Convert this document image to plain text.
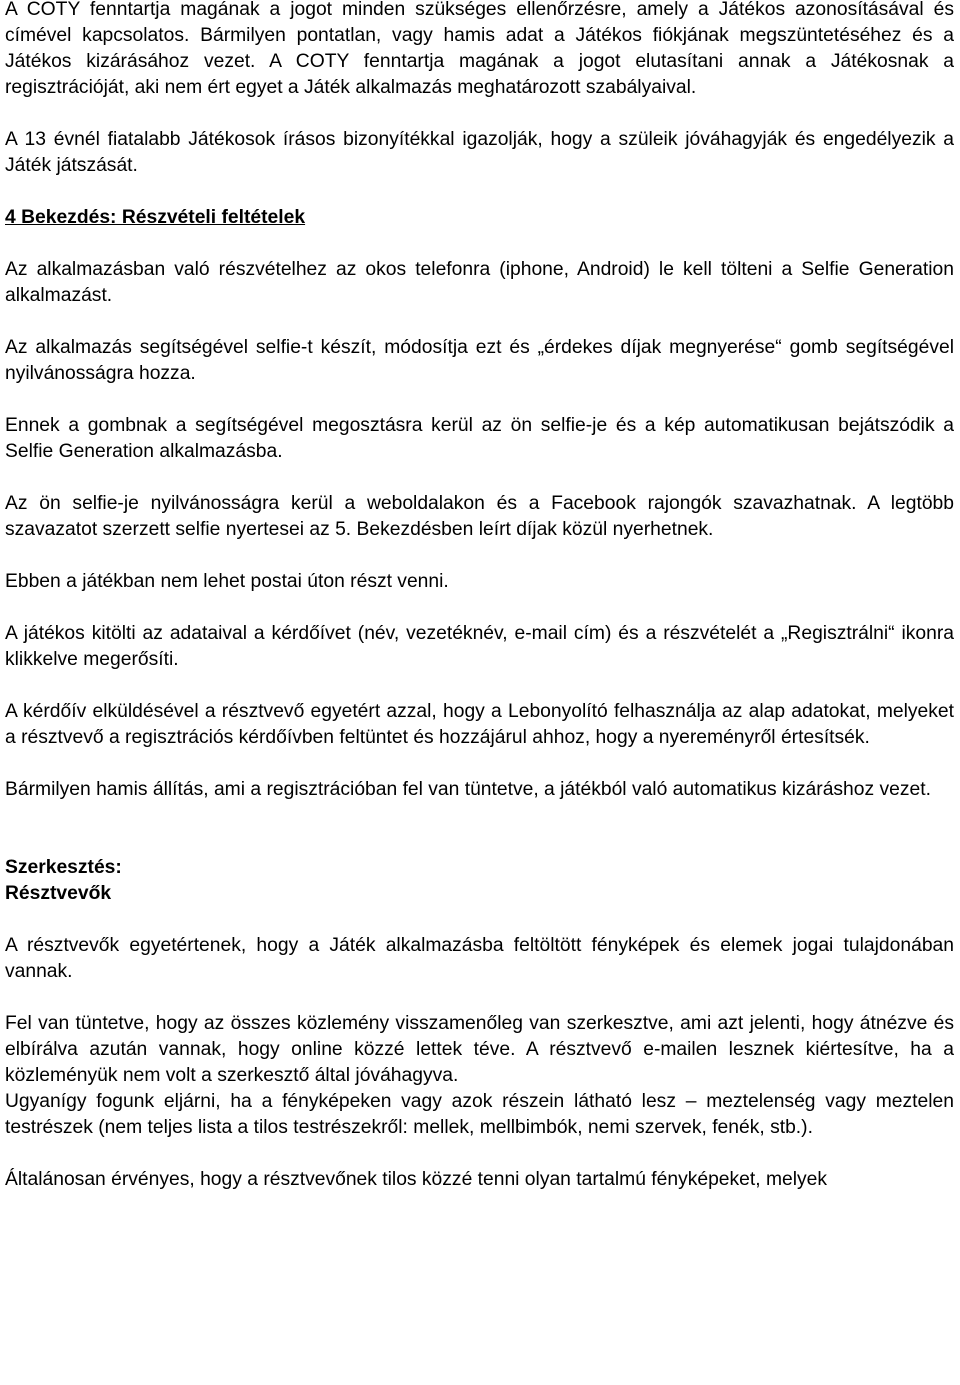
A COTY fenntartja magának a jogot minden szükséges ellenőrzésre, amely a Játékos azonosításával és címével kapcsolatos. Bármilyen pontatlan, vagy hamis adat a Játékos fiókjának megszüntetéséhez és a Játékos kizárásához vezet. A COTY fenntartja magának a jogot elutasítani annak a Játékosnak a regisztrációját, aki nem ért egyet a Játék alkalmazás meghatározott szabályaival.

A 13 évnél fiatalabb Játékosok írásos bizonyítékkal igazolják, hogy a szüleik jóváhagyják és engedélyezik a Játék játszását.

4 Bekezdés: Részvételi feltételek

Az alkalmazásban való részvételhez az okos telefonra (iphone, Android) le kell tölteni a Selfie Generation alkalmazást.

Az alkalmazás segítségével selfie-t készít, módosítja ezt és „érdekes díjak megnyerése“ gomb segítségével nyilvánosságra hozza.

Ennek a gombnak a segítségével megosztásra kerül az ön selfie-je és a kép automatikusan bejátszódik a Selfie Generation alkalmazásba.

Az ön selfie-je nyilvánosságra kerül a weboldalakon és a Facebook rajongók szavazhatnak. A legtöbb szavazatot szerzett selfie nyertesei az 5. Bekezdésben leírt díjak közül nyerhetnek.

Ebben a játékban nem lehet postai úton részt venni.

A játékos kitölti az adataival a kérdőívet (név, vezetéknév, e-mail cím) és a részvételét a „Regisztrálni“ ikonra klikkelve megerősíti.

A kérdőív elküldésével a résztvevő egyetért azzal, hogy a Lebonyolító felhasználja az alap adatokat, melyeket a résztvevő a regisztrációs kérdőívben feltüntet és hozzájárul ahhoz, hogy a nyereményről értesítsék.

Bármilyen hamis állítás, ami a regisztrációban fel van tüntetve, a játékból való automatikus kizáráshoz vezet.

Szerkesztés:

Résztvevők

A résztvevők egyetértenek, hogy a Játék alkalmazásba feltöltött fényképek és elemek jogai tulajdonában vannak.

Fel van tüntetve, hogy az összes közlemény visszamenőleg van szerkesztve, ami azt jelenti, hogy átnézve és elbírálva azután vannak, hogy online közzé lettek téve. A résztvevő e-mailen lesznek kiértesítve, ha a közleményük nem volt a szerkesztő által jóváhagyva.

Ugyanígy fogunk eljárni, ha a fényképeken vagy azok részein látható lesz – meztelenség vagy meztelen testrészek (nem teljes lista a tilos testrészekről: mellek, mellbimbók, nemi szervek, fenék, stb.).

Általánosan érvényes, hogy a résztvevőnek tilos közzé tenni olyan tartalmú fényképeket, melyek
